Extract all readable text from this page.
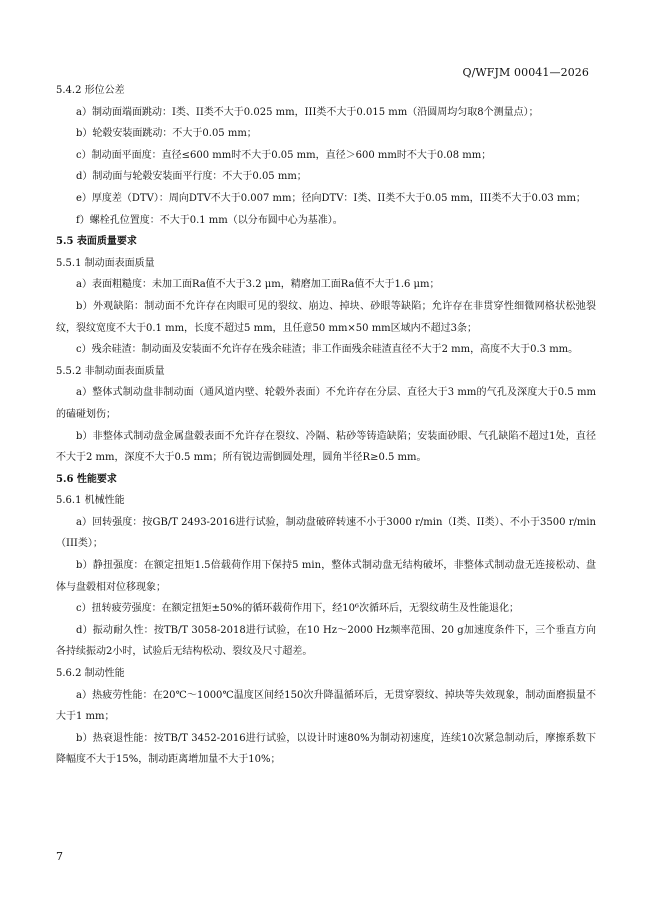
Q/WFJM 00041—2026

5.4.2 形位公差

a）制动面端面跳动：I类、II类不大于0.025 mm，III类不大于0.015 mm（沿圆周均匀取8个测量点）；

b）轮毂安装面跳动：不大于0.05 mm；

c）制动面平面度：直径≤600 mm时不大于0.05 mm，直径＞600 mm时不大于0.08 mm；

d）制动面与轮毂安装面平行度：不大于0.05 mm；

e）厚度差（DTV）：周向DTV不大于0.007 mm；径向DTV：I类、II类不大于0.05 mm，III类不大于0.03 mm；

f）螺栓孔位置度：不大于0.1 mm（以分布圆中心为基准）。

5.5 表面质量要求

5.5.1 制动面表面质量

a）表面粗糙度：未加工面Ra值不大于3.2 μm，精磨加工面Ra值不大于1.6 μm；

b）外观缺陷：制动面不允许存在肉眼可见的裂纹、崩边、掉块、砂眼等缺陷；允许存在非贯穿性细微网格状松弛裂纹，裂纹宽度不大于0.1 mm，长度不超过5 mm，且任意50 mm×50 mm区域内不超过3条；

c）残余硅渣：制动面及安装面不允许存在残余硅渣；非工作面残余硅渣直径不大于2 mm，高度不大于0.3 mm。

5.5.2 非制动面表面质量

a）整体式制动盘非制动面（通风道内壁、轮毂外表面）不允许存在分层、直径大于3 mm的气孔及深度大于0.5 mm的磕碰划伤；

b）非整体式制动盘金属盘毂表面不允许存在裂纹、冷隔、粘砂等铸造缺陷；安装面砂眼、气孔缺陷不超过1处，直径不大于2 mm，深度不大于0.5 mm；所有锐边需倒圆处理，圆角半径R≥0.5 mm。

5.6 性能要求

5.6.1 机械性能

a）回转强度：按GB/T 2493-2016进行试验，制动盘破碎转速不小于3000 r/min（I类、II类）、不小于3500 r/min（III类）；

b）静扭强度：在额定扭矩1.5倍载荷作用下保持5 min，整体式制动盘无结构破坏，非整体式制动盘无连接松动、盘体与盘毂相对位移现象；

c）扭转疲劳强度：在额定扭矩±50%的循环载荷作用下，经10⁶次循环后，无裂纹萌生及性能退化；

d）振动耐久性：按TB/T 3058-2018进行试验，在10 Hz～2000 Hz频率范围、20 g加速度条件下，三个垂直方向各持续振动2小时，试验后无结构松动、裂纹及尺寸超差。

5.6.2 制动性能

a）热疲劳性能：在20℃～1000℃温度区间经150次升降温循环后，无贯穿裂纹、掉块等失效现象，制动面磨损量不大于1 mm；

b）热衰退性能：按TB/T 3452-2016进行试验，以设计时速80%为制动初速度，连续10次紧急制动后，摩擦系数下降幅度不大于15%，制动距离增加量不大于10%；

7
